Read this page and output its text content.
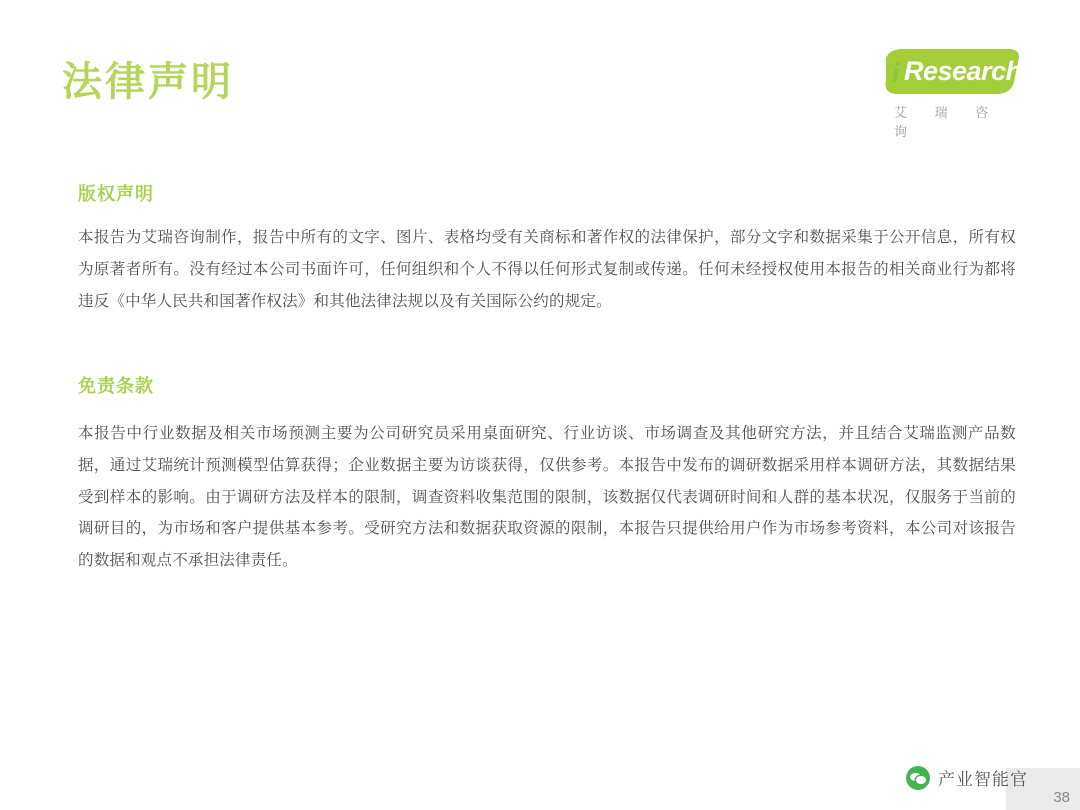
法律声明	i Research
艾 瑞 咨 询
版权声明
本报告为艾瑞咨询制作，报告中所有的文字、图片、表格均受有关商标和著作权的法律保护，部分文字和数据采集于公开信息，所有权为原著者所有。没有经过本公司书面许可，任何组织和个人不得以任何形式复制或传递。任何未经授权使用本报告的相关商业行为都将违反《中华人民共和国著作权法》和其他法律法规以及有关国际公约的规定。
免责条款
本报告中行业数据及相关市场预测主要为公司研究员采用桌面研究、行业访谈、市场调查及其他研究方法，并且结合艾瑞监测产品数据，通过艾瑞统计预测模型估算获得；企业数据主要为访谈获得，仅供参考。本报告中发布的调研数据采用样本调研方法，其数据结果受到样本的影响。由于调研方法及样本的限制，调查资料收集范围的限制，该数据仅代表调研时间和人群的基本状况，仅服务于当前的调研目的，为市场和客户提供基本参考。受研究方法和数据获取资源的限制，本报告只提供给用户作为市场参考资料，本公司对该报告的数据和观点不承担法律责任。
产业智能官
38
